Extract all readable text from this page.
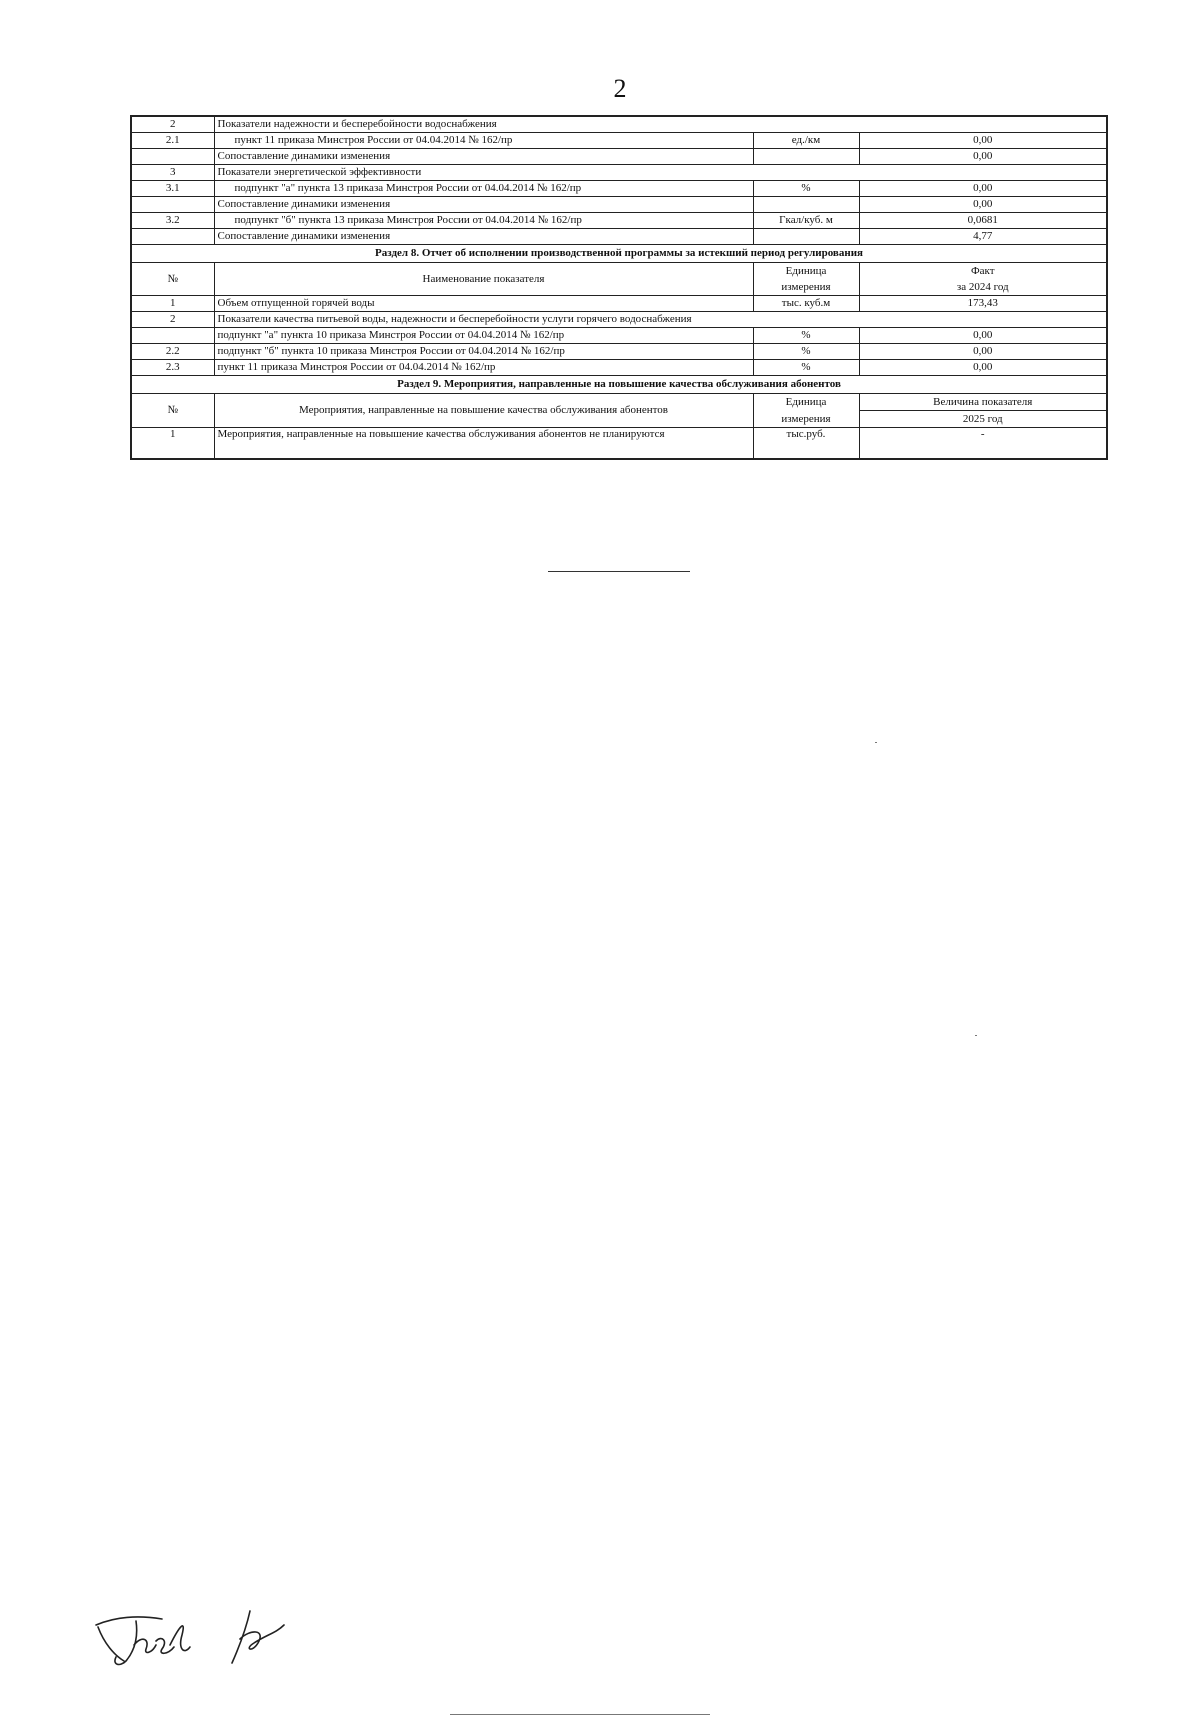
2
2	Показатели надежности и бесперебойности водоснабжения		
2.1	пункт 11 приказа Минстроя России от 04.04.2014 № 162/пр	ед./км	0,00
	Сопоставление динамики изменения		0,00
3	Показатели энергетической эффективности		
3.1	подпункт "а" пункта 13 приказа Минстроя России от 04.04.2014 № 162/пр	%	0,00
	Сопоставление динамики изменения		0,00
3.2	подпункт "б" пункта 13 приказа Минстроя России от 04.04.2014 № 162/пр	Гкал/куб. м	0,0681
	Сопоставление динамики изменения		4,77
Раздел 8. Отчет об исполнении производственной программы за истекший период регулирования			
№	Наименование показателя	Единица	Факт
		измерения	за 2024 год
1	Объем отпущенной горячей воды	тыс. куб.м	173,43
2	Показатели качества питьевой воды, надежности и бесперебойности услуги горячего водоснабжения		
	подпункт "а" пункта 10 приказа Минстроя России от 04.04.2014 № 162/пр	%	0,00
2.2	подпункт "б" пункта 10 приказа Минстроя России от 04.04.2014 № 162/пр	%	0,00
2.3	пункт 11 приказа Минстроя России от 04.04.2014 № 162/пр	%	0,00
Раздел 9. Мероприятия, направленные на повышение качества обслуживания абонентов			
№	Мероприятия, направленные на повышение качества обслуживания абонентов	Единица	Величина показателя
		измерения	2025 год
1	Мероприятия, направленные на повышение качества обслуживания абонентов не планируются	тыс.руб.	-
